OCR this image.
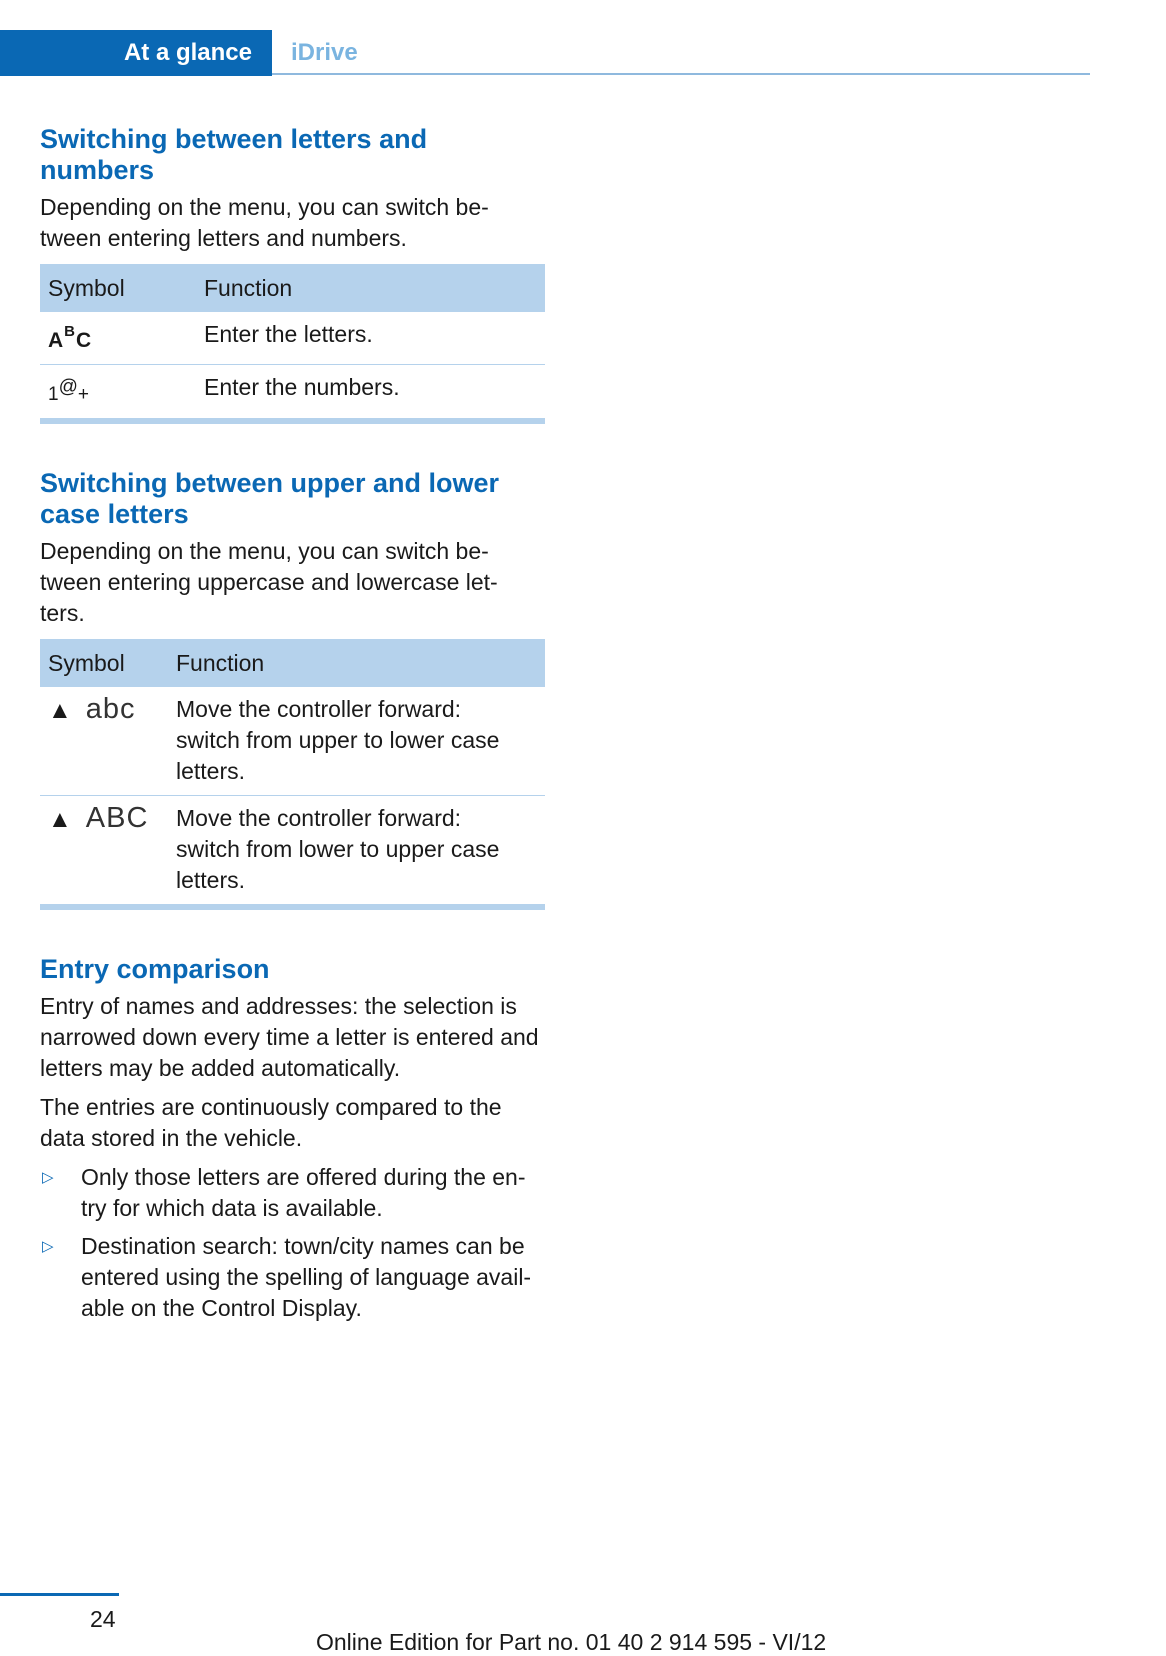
At a glance	iDrive
Switching between letters and numbers

Depending on the menu, you can switch be-
tween entering letters and numbers.

Symbol	Function
$A^BC$	Enter the letters.
1@+	Enter the numbers.
Switching between upper and lower case letters

Depending on the menu, you can switch be-
tween entering uppercase and lowercase let-
ters.

Symbol	Function
▲ abc	Move the controller forward:
switch from upper to lower case
letters.
▲ ABC	Move the controller forward:
switch from lower to upper case
letters.
Entry comparison

Entry of names and addresses: the selection is
narrowed down every time a letter is entered and
letters may be added automatically.

The entries are continuously compared to the
data stored in the vehicle.

▷ Only those letters are offered during the en-
try for which data is available.
▷ Destination search: town/city names can be
entered using the spelling of language avail-
able on the Control Display.
24
Online Edition for Part no. 01 40 2 914 595 - VI/12
